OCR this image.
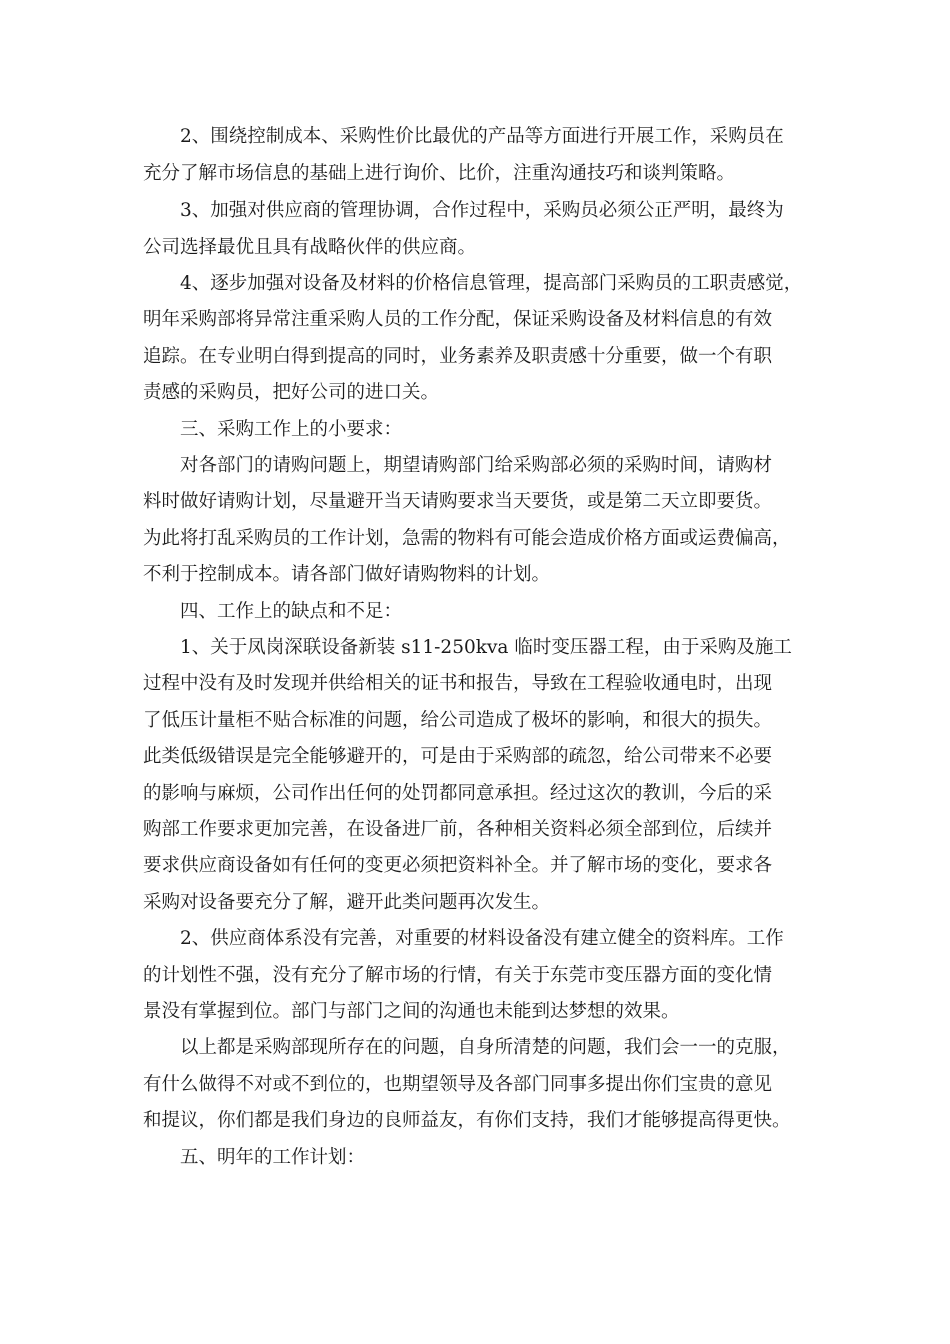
2、围绕控制成本、采购性价比最优的产品等方面进行开展工作，采购员在
充分了解市场信息的基础上进行询价、比价，注重沟通技巧和谈判策略。
3、加强对供应商的管理协调，合作过程中，采购员必须公正严明，最终为
公司选择最优且具有战略伙伴的供应商。
4、逐步加强对设备及材料的价格信息管理，提高部门采购员的工职责感觉，
明年采购部将异常注重采购人员的工作分配，保证采购设备及材料信息的有效
追踪。在专业明白得到提高的同时，业务素养及职责感十分重要，做一个有职
责感的采购员，把好公司的进口关。
三、采购工作上的小要求：
对各部门的请购问题上，期望请购部门给采购部必须的采购时间，请购材
料时做好请购计划，尽量避开当天请购要求当天要货，或是第二天立即要货。
为此将打乱采购员的工作计划，急需的物料有可能会造成价格方面或运费偏高，
不利于控制成本。请各部门做好请购物料的计划。
四、工作上的缺点和不足：
1、关于凤岗深联设备新装 s11-250kva 临时变压器工程，由于采购及施工
过程中没有及时发现并供给相关的证书和报告，导致在工程验收通电时，出现
了低压计量柜不贴合标准的问题，给公司造成了极坏的影响，和很大的损失。
此类低级错误是完全能够避开的，可是由于采购部的疏忽，给公司带来不必要
的影响与麻烦，公司作出任何的处罚都同意承担。经过这次的教训，今后的采
购部工作要求更加完善，在设备进厂前，各种相关资料必须全部到位，后续并
要求供应商设备如有任何的变更必须把资料补全。并了解市场的变化，要求各
采购对设备要充分了解，避开此类问题再次发生。
2、供应商体系没有完善，对重要的材料设备没有建立健全的资料库。工作
的计划性不强，没有充分了解市场的行情，有关于东莞市变压器方面的变化情
景没有掌握到位。部门与部门之间的沟通也未能到达梦想的效果。
以上都是采购部现所存在的问题，自身所清楚的问题，我们会一一的克服，
有什么做得不对或不到位的，也期望领导及各部门同事多提出你们宝贵的意见
和提议，你们都是我们身边的良师益友，有你们支持，我们才能够提高得更快。
五、明年的工作计划：
